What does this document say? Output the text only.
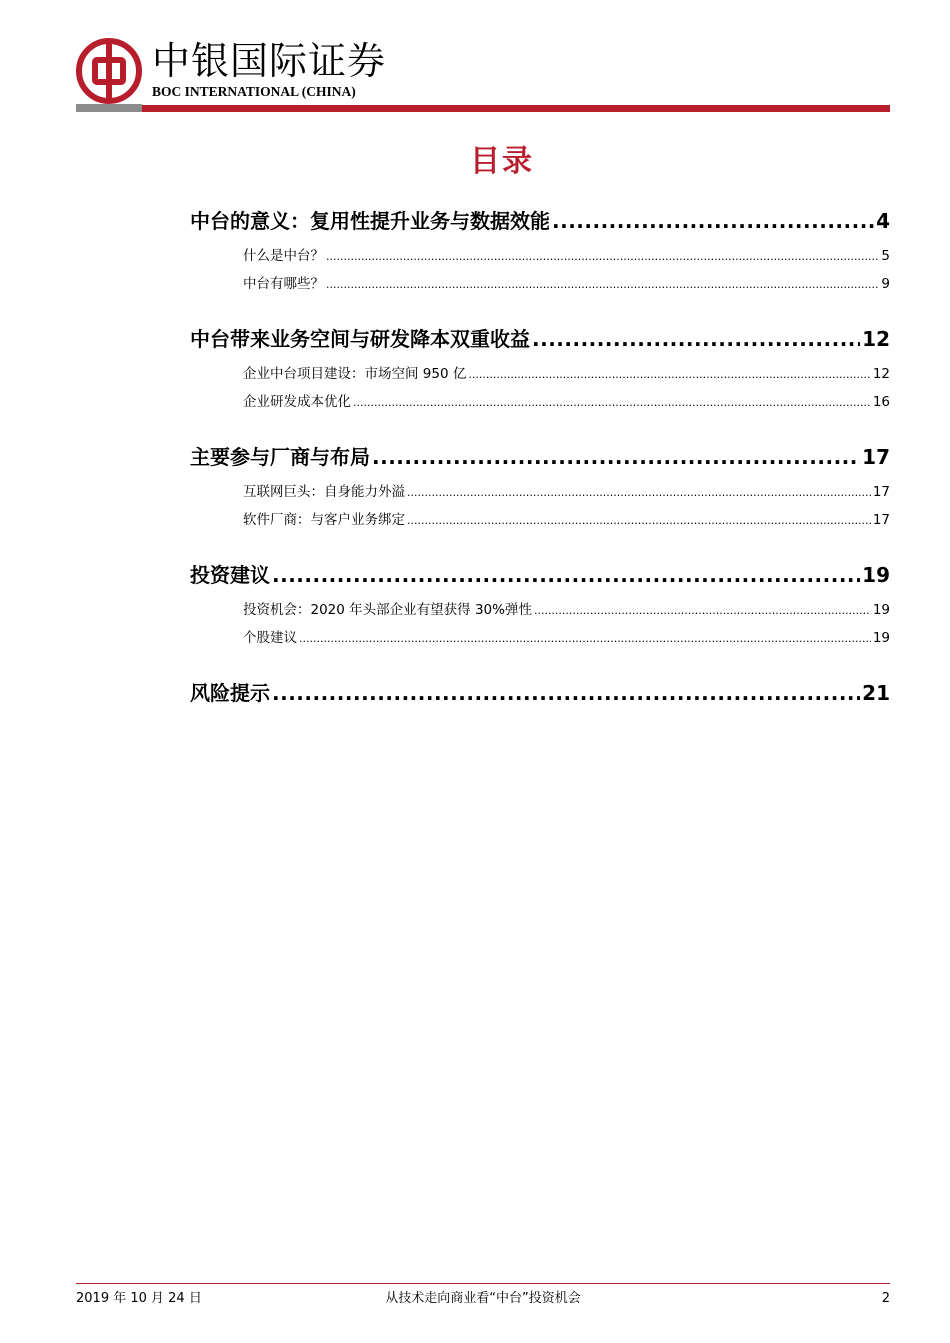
中银国际证券
BOC INTERNATIONAL (CHINA)
目录
中台的意义：复用性提升业务与数据效能 .....	4
什么是中台？ .....	5
中台有哪些？ .....	9
中台带来业务空间与研发降本双重收益 .....	12
企业中台项目建设：市场空间 950 亿 .....	12
企业研发成本优化 .....	16
主要参与厂商与布局 .....	17
互联网巨头：自身能力外溢 .....	17
软件厂商：与客户业务绑定 .....	17
投资建议 .....	19
投资机会：2020 年头部企业有望获得 30%弹性 .....	19
个股建议 .....	19
风险提示 .....	21
2019 年 10 月 24 日	从技术走向商业看“中台”投资机会	2
